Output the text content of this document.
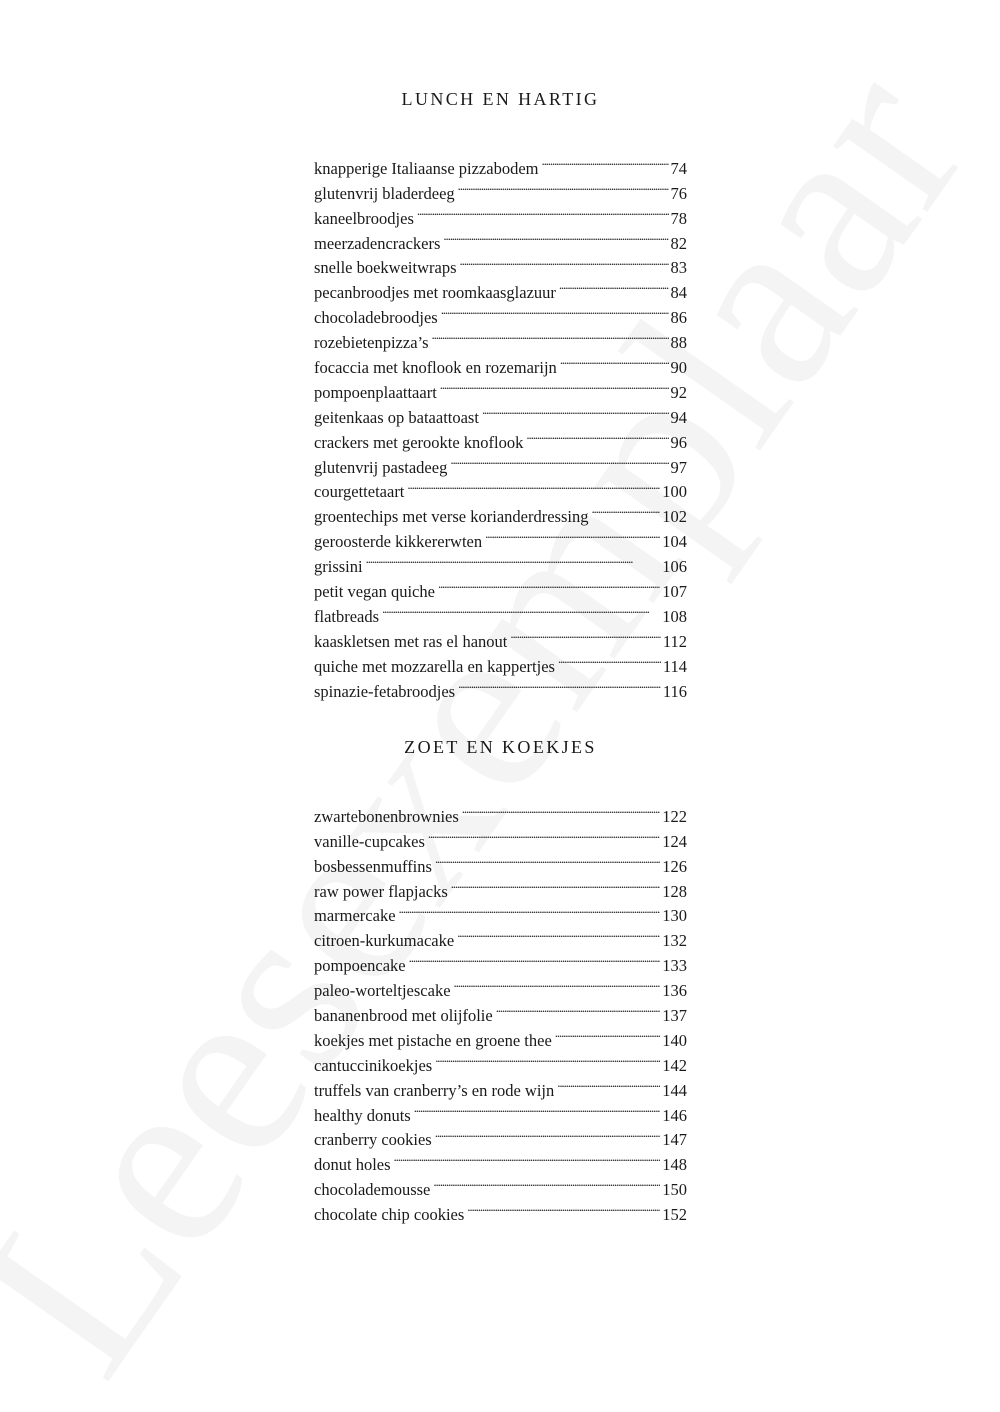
LUNCH EN HARTIG
knapperige Italiaanse pizzabodem . . .	74
glutenvrij bladerdeeg . . .	76
kaneelbroodjes . . .	78
meerzadencrackers . . .	82
snelle boekweitwraps . . .	83
pecanbroodjes met roomkaasglazuur . . .	84
chocoladebroodjes . . .	86
rozebietenpizza’s . . .	88
focaccia met knoflook en rozemarijn . . .	90
pompoenplaattaart . . .	92
geitenkaas op bataattoast . . .	94
crackers met gerookte knoflook . . .	96
glutenvrij pastadeeg . . .	97
courgettetaart . . .	100
groentechips met verse korianderdressing . . .	102
geroosterde kikkererwten . . .	104
grissini . . .	106
petit vegan quiche . . .	107
flatbreads . . .	108
kaaskletsen met ras el hanout . . .	112
quiche met mozzarella en kappertjes . . .	114
spinazie-fetabroodjes . . .	116
ZOET EN KOEKJES
zwartebonenbrownies . . .	122
vanille-cupcakes . . .	124
bosbessenmuffins . . .	126
raw power flapjacks . . .	128
marmercake . . .	130
citroen-kurkumacake . . .	132
pompoencake . . .	133
paleo-worteltjescake . . .	136
bananenbrood met olijfolie . . .	137
koekjes met pistache en groene thee . . .	140
cantuccinikoekjes . . .	142
truffels van cranberry’s en rode wijn . . .	144
healthy donuts . . .	146
cranberry cookies . . .	147
donut holes . . .	148
chocolademousse . . .	150
chocolate chip cookies . . .	152
